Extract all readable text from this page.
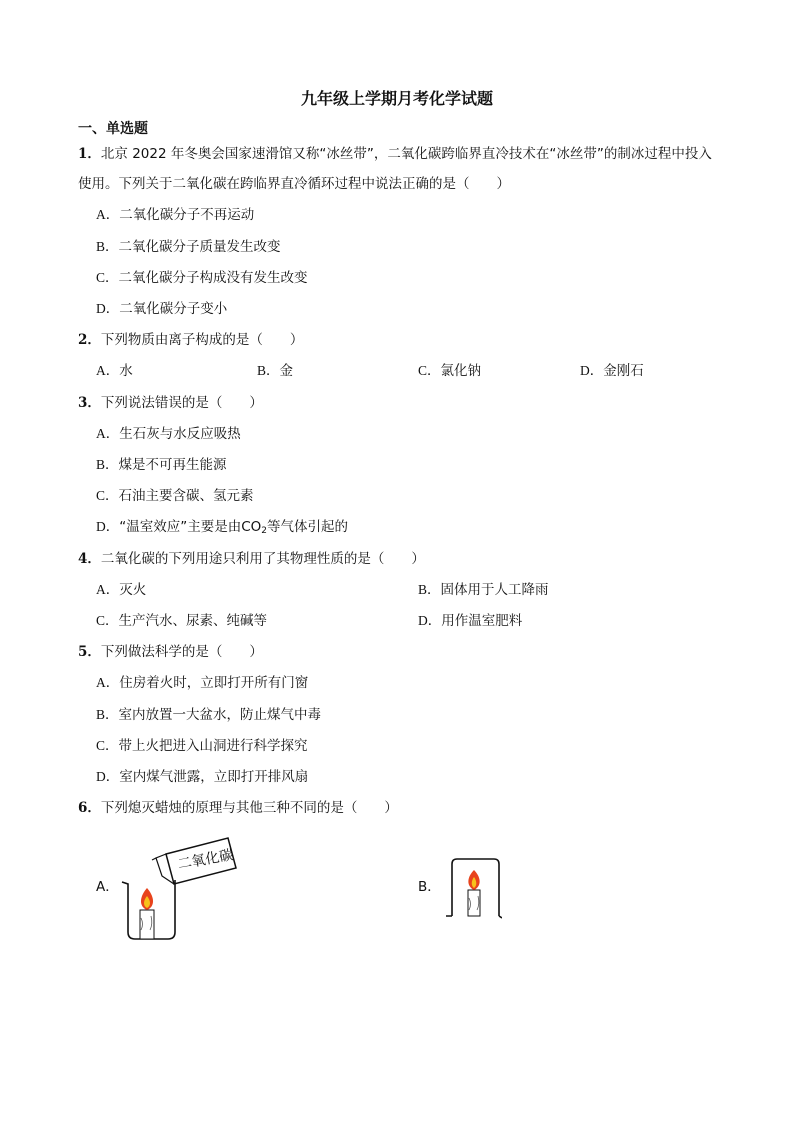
九年级上学期月考化学试题
一、单选题
1．北京 2022 年冬奥会国家速滑馆又称“冰丝带”，二氧化碳跨临界直冷技术在“冰丝带”的制冰过程中投入
使用。下列关于二氧化碳在跨临界直冷循环过程中说法正确的是（　　）
A．二氧化碳分子不再运动
B．二氧化碳分子质量发生改变
C．二氧化碳分子构成没有发生改变
D．二氧化碳分子变小
2．下列物质由离子构成的是（　　）
A．水	B．金	C．氯化钠	D．金刚石
3．下列说法错误的是（　　）
A．生石灰与水反应吸热
B．煤是不可再生能源
C．石油主要含碳、氢元素
D．“温室效应”主要是由$CO_2$等气体引起的
4．二氧化碳的下列用途只利用了其物理性质的是（　　）
A．灭火	B．固体用于人工降雨
C．生产汽水、尿素、纯碱等	D．用作温室肥料
5．下列做法科学的是（　　）
A．住房着火时，立即打开所有门窗
B．室内放置一大盆水，防止煤气中毒
C．带上火把进入山洞进行科学探究
D．室内煤气泄露，立即打开排风扇
6．下列熄灭蜡烛的原理与其他三种不同的是（　　）
A．	B．
二氧化碳
